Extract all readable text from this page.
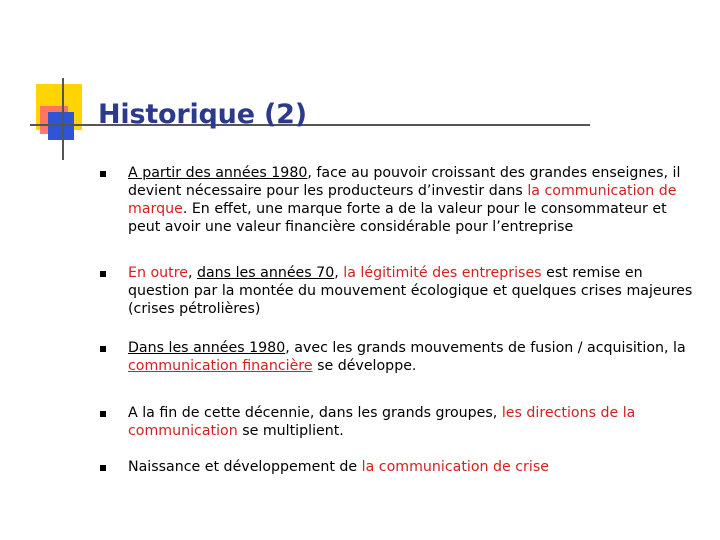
Historique (2)
A partir des années 1980, face au pouvoir croissant des grandes enseignes, il devient nécessaire pour les producteurs d’investir dans la communication de marque. En effet, une marque forte a de la valeur pour le consommateur et peut avoir une valeur financière considérable pour l’entreprise
En outre, dans les années 70, la légitimité des entreprises est remise en question par la montée du mouvement écologique et quelques crises majeures (crises pétrolières)
Dans les années 1980, avec les grands mouvements de fusion / acquisition, la communication financière se développe.
A la fin de cette décennie, dans les grands groupes, les directions de la communication se multiplient.
Naissance et développement de la communication de crise
